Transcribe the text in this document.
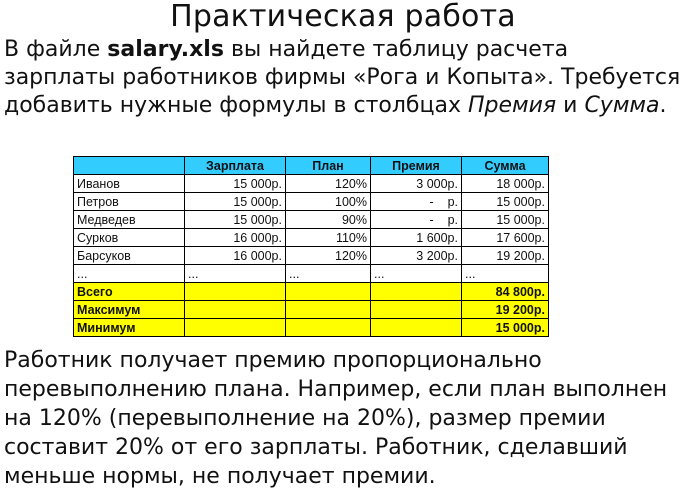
Практическая работа
В файле salary.xls вы найдете таблицу расчета зарплаты работников фирмы «Рога и Копыта». Требуется добавить нужные формулы в столбцах Премия и Сумма.
	Зарплата	План	Премия	Сумма
Иванов	15 000р.	120%	3 000р.	18 000р.
Петров	15 000р.	100%	-    р.	15 000р.
Медведев	15 000р.	90%	-    р.	15 000р.
Сурков	16 000р.	110%	1 600р.	17 600р.
Барсуков	16 000р.	120%	3 200р.	19 200р.
...	...	...	...	...
Всего				84 800р.
Максимум				19 200р.
Минимум				15 000р.
Работник получает премию пропорционально перевыполнению плана. Например, если план выполнен на 120% (перевыполнение на 20%), размер премии составит 20% от его зарплаты. Работник, сделавший меньше нормы, не получает премии.
